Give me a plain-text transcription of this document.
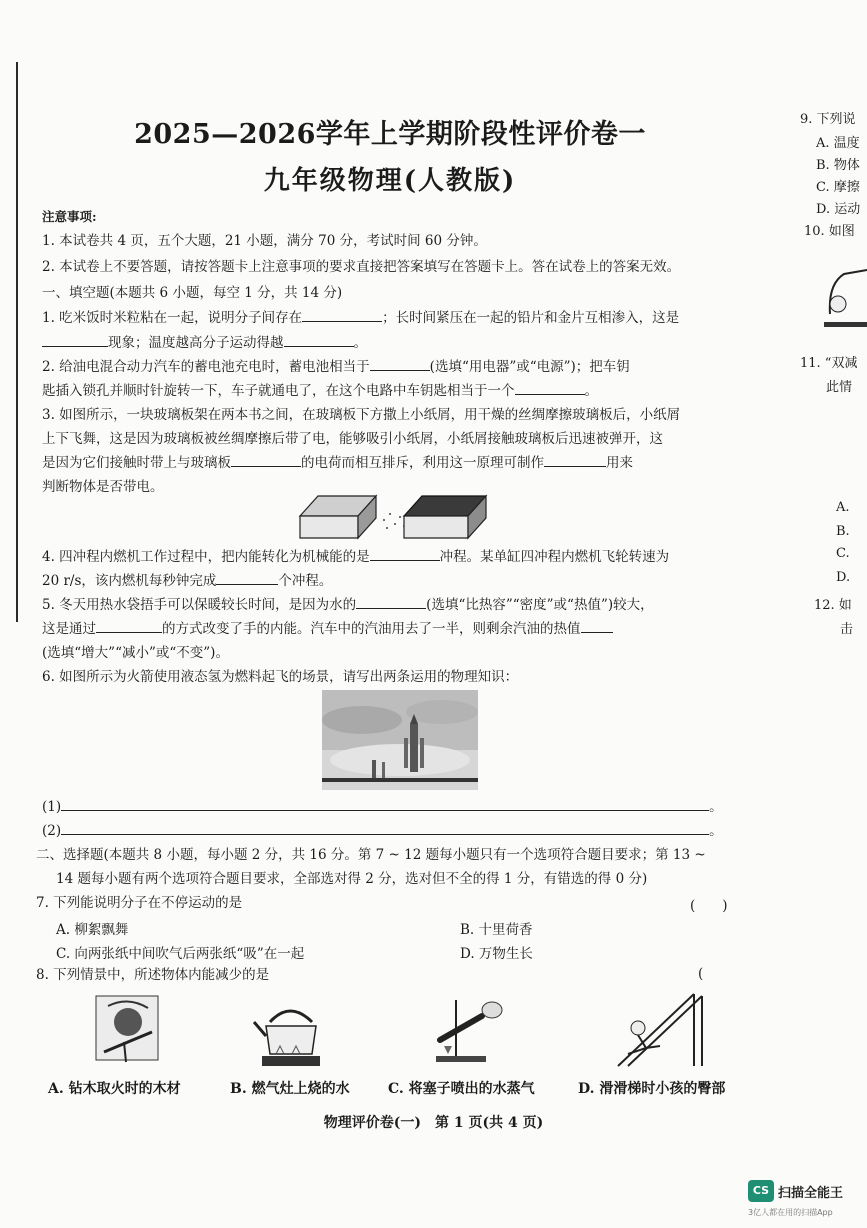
2025—2026学年上学期阶段性评价卷一
九年级物理(人教版)
注意事项:
1. 本试卷共 4 页，五个大题，21 小题，满分 70 分，考试时间 60 分钟。
2. 本试卷上不要答题，请按答题卡上注意事项的要求直接把答案填写在答题卡上。答在试卷上的答案无效。
一、填空题(本题共 6 小题，每空 1 分，共 14 分)
1. 吃米饭时米粒粘在一起，说明分子间存在	；长时间紧压在一起的铅片和金片互相渗入，这是
现象；温度越高分子运动得越	。
2. 给油电混合动力汽车的蓄电池充电时，蓄电池相当于	(选填“用电器”或“电源”)；把车钥
匙插入锁孔并顺时针旋转一下，车子就通电了，在这个电路中车钥匙相当于一个	。
3. 如图所示，一块玻璃板架在两本书之间，在玻璃板下方撒上小纸屑，用干燥的丝绸摩擦玻璃板后，小纸屑
上下飞舞，这是因为玻璃板被丝绸摩擦后带了电，能够吸引小纸屑，小纸屑接触玻璃板后迅速被弹开，这
是因为它们接触时带上与玻璃板	的电荷而相互排斥，利用这一原理可制作	用来
判断物体是否带电。
4. 四冲程内燃机工作过程中，把内能转化为机械能的是	冲程。某单缸四冲程内燃机飞轮转速为
20 r/s，该内燃机每秒钟完成	个冲程。
5. 冬天用热水袋捂手可以保暖较长时间，是因为水的	(选填“比热容”“密度”或“热值”)较大，
这是通过	的方式改变了手的内能。汽车中的汽油用去了一半，则剩余汽油的热值
(选填“增大”“减小”或“不变”)。
6. 如图所示为火箭使用液态氢为燃料起飞的场景，请写出两条运用的物理知识：
(1)	。
(2)	。
二、选择题(本题共 8 小题，每小题 2 分，共 16 分。第 7 ~ 12 题每小题只有一个选项符合题目要求；第 13 ~
14 题每小题有两个选项符合题目要求，全部选对得 2 分，选对但不全的得 1 分，有错选的得 0 分)
7. 下列能说明分子在不停运动的是	(　　)
A. 柳絮飘舞	B. 十里荷香
C. 向两张纸中间吹气后两张纸“吸”在一起	D. 万物生长
8. 下列情景中，所述物体内能减少的是	(
A. 钻木取火时的木材	B. 燃气灶上烧的水	C. 将塞子喷出的水蒸气	D. 滑滑梯时小孩的臀部
物理评价卷(一)　第 1 页(共 4 页)
9. 下列说
A. 温度
B. 物体
C. 摩擦
D. 运动
10. 如图
11. “双减
此情
A.
B.
C.
D.
12. 如
击
CS 扫描全能王
3亿人都在用的扫描App
